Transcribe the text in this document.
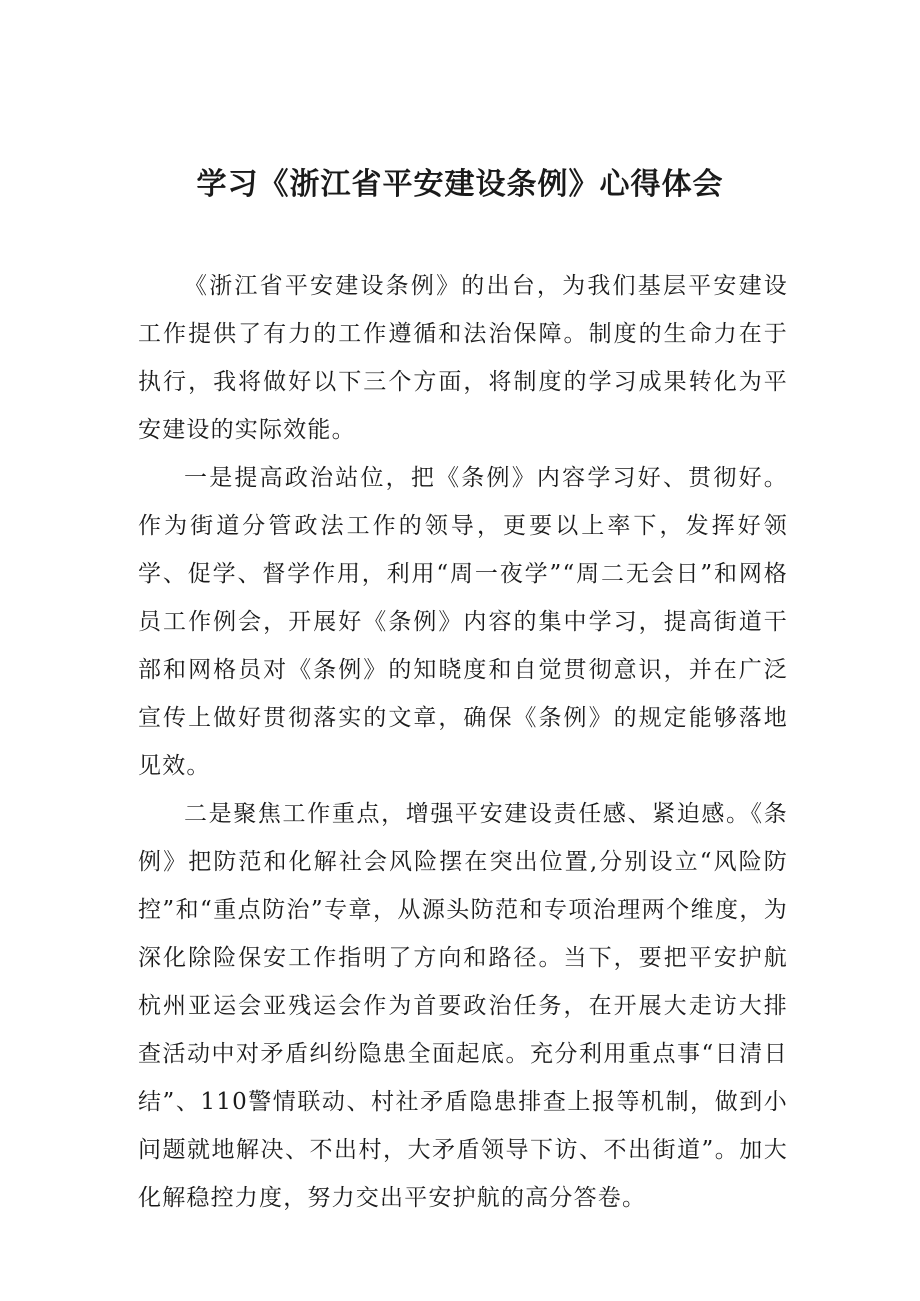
学习《浙江省平安建设条例》心得体会

《浙江省平安建设条例》的出台，为我们基层平安建设工作提供了有力的工作遵循和法治保障。制度的生命力在于执行，我将做好以下三个方面，将制度的学习成果转化为平安建设的实际效能。

一是提高政治站位，把《条例》内容学习好、贯彻好。作为街道分管政法工作的领导，更要以上率下，发挥好领学、促学、督学作用，利用“周一夜学”“周二无会日”和网格员工作例会，开展好《条例》内容的集中学习，提高街道干部和网格员对《条例》的知晓度和自觉贯彻意识，并在广泛宣传上做好贯彻落实的文章，确保《条例》的规定能够落地见效。

二是聚焦工作重点，增强平安建设责任感、紧迫感。《条例》把防范和化解社会风险摆在突出位置,分别设立“风险防控”和“重点防治”专章，从源头防范和专项治理两个维度，为深化除险保安工作指明了方向和路径。当下，要把平安护航杭州亚运会亚残运会作为首要政治任务，在开展大走访大排查活动中对矛盾纠纷隐患全面起底。充分利用重点事“日清日结”、110警情联动、村社矛盾隐患排查上报等机制，做到小问题就地解决、不出村，大矛盾领导下访、不出街道”。加大化解稳控力度，努力交出平安护航的高分答卷。
